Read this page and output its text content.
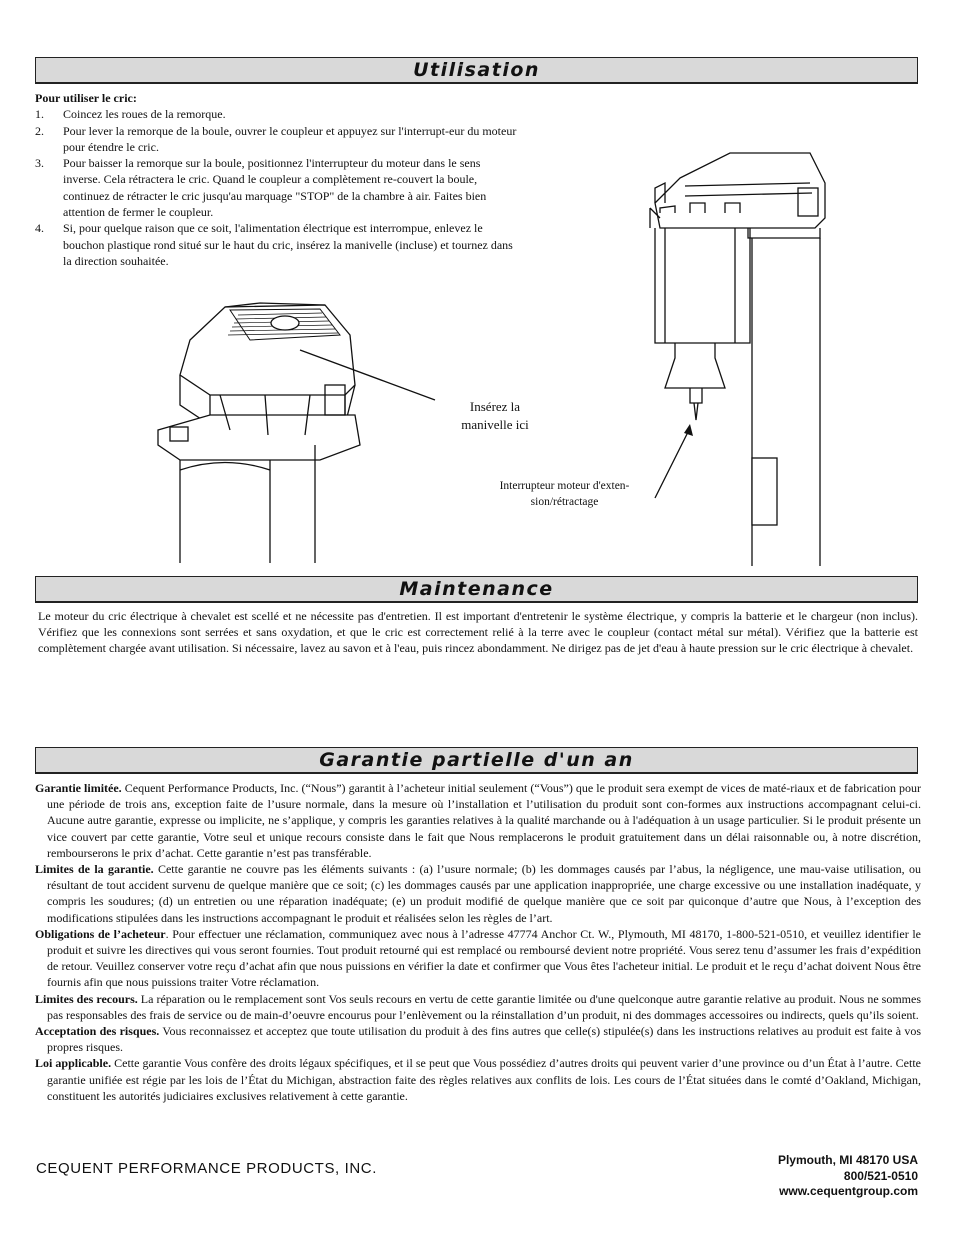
Utilisation
Pour utiliser le cric:
1. Coincez les roues de la remorque.
2. Pour lever la remorque de la boule, ouvrer le coupleur et appuyez sur l'interrupt-eur du moteur pour étendre le cric.
3. Pour baisser la remorque sur la boule, positionnez l'interrupteur du moteur dans le sens inverse. Cela rétractera le cric. Quand le coupleur a complètement re-couvert la boule, continuez de rétracter le cric jusqu'au marquage "STOP" de la chambre à air. Faites bien attention de fermer le coupleur.
4. Si, pour quelque raison que ce soit, l'alimentation électrique est interrompue, enlevez le bouchon plastique rond situé sur le haut du cric, insérez la manivelle (incluse) et tournez dans la direction souhaitée.
Insérez la
manivelle ici
Interrupteur moteur d'exten-
sion/rétractage
Maintenance
Le moteur du cric électrique à chevalet est scellé et ne nécessite pas d'entretien. Il est important d'entretenir le système électrique, y compris la batterie et le chargeur (non inclus). Vérifiez que les connexions sont serrées et sans oxydation, et que le cric est correctement relié à la terre avec le coupleur (contact métal sur métal). Vérifiez que la batterie est complètement chargée avant utilisation. Si nécessaire, lavez au savon et à l'eau, puis rincez abondamment. Ne dirigez pas de jet d'eau à haute pression sur le cric électrique à chevalet.
Garantie partielle d'un an
Garantie limitée. Cequent Performance Products, Inc. (“Nous”) garantit à l’acheteur initial seulement (“Vous”) que le produit sera exempt de vices de maté-riaux et de fabrication pour une période de trois ans, exception faite de l’usure normale, dans la mesure où l’installation et l’utilisation du produit sont con-formes aux instructions accompagnant celui-ci. Aucune autre garantie, expresse ou implicite, ne s’applique, y compris les garanties relatives à la qualité marchande ou à l'adéquation à un usage particulier. Si le produit présente un vice couvert par cette garantie, Votre seul et unique recours consiste dans le fait que Nous remplacerons le produit gratuitement dans un délai raisonnable ou, à notre discrétion, rembourserons le prix d’achat. Cette garantie n’est pas transférable.
Limites de la garantie. Cette garantie ne couvre pas les éléments suivants : (a) l’usure normale; (b) les dommages causés par l’abus, la négligence, une mau-vaise utilisation, ou résultant de tout accident survenu de quelque manière que ce soit; (c) les dommages causés par une application inappropriée, une charge excessive ou une installation inadéquate, y compris les soudures; (d) un entretien ou une réparation inadéquate; (e) un produit modifié de quelque manière que ce soit par quiconque d’autre que Nous, à l’exception des modifications stipulées dans les instructions accompagnant le produit et réalisées selon les règles de l’art.
Obligations de l’acheteur. Pour effectuer une réclamation, communiquez avec nous à l’adresse 47774 Anchor Ct. W., Plymouth, MI 48170, 1-800-521-0510, et veuillez identifier le produit et suivre les directives qui vous seront fournies. Tout produit retourné qui est remplacé ou remboursé devient notre propriété. Vous serez tenu d’assumer les frais d’expédition de retour. Veuillez conserver votre reçu d’achat afin que nous puissions en vérifier la date et confirmer que Vous êtes l'acheteur initial. Le produit et le reçu d’achat doivent Nous être fournis afin que nous puissions traiter Votre réclamation.
Limites des recours. La réparation ou le remplacement sont Vos seuls recours en vertu de cette garantie limitée ou d'une quelconque autre garantie relative au produit. Nous ne sommes pas responsables des frais de service ou de main-d’oeuvre encourus pour l’enlèvement ou la réinstallation d’un produit, ni des dommages accessoires ou indirects, quels qu’ils soient.
Acceptation des risques. Vous reconnaissez et acceptez que toute utilisation du produit à des fins autres que celle(s) stipulée(s) dans les instructions relatives au produit est faite à vos propres risques.
Loi applicable. Cette garantie Vous confère des droits légaux spécifiques, et il se peut que Vous possédiez d’autres droits qui peuvent varier d’une province ou d’un État à l’autre. Cette garantie unifiée est régie par les lois de l’État du Michigan, abstraction faite des règles relatives aux conflits de lois. Les cours de l’État situées dans le comté d’Oakland, Michigan, constituent les autorités judiciaires exclusives relativement à cette garantie.
CEQUENT PERFORMANCE PRODUCTS, INC.	Plymouth, MI 48170 USA
800/521-0510
www.cequentgroup.com
